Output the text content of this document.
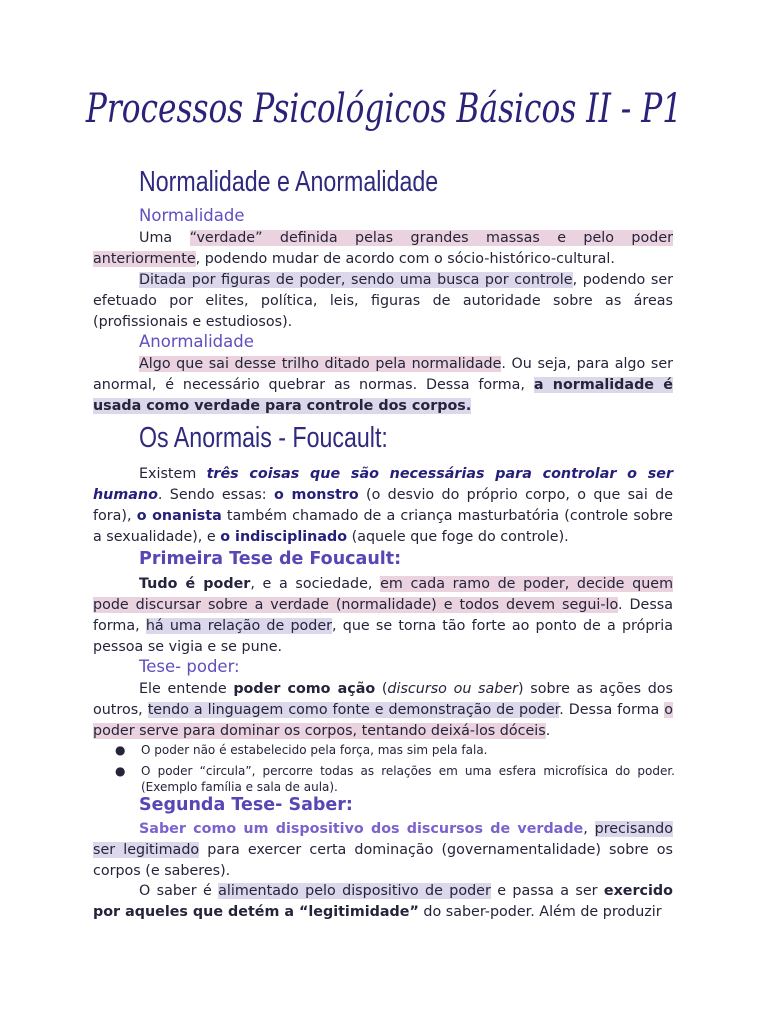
Processos Psicológicos Básicos II - P1
Normalidade e Anormalidade
Normalidade
Uma “verdade” definida pelas grandes massas e pelo poder anteriormente, podendo mudar de acordo com o sócio-histórico-cultural.
Ditada por figuras de poder, sendo uma busca por controle, podendo ser efetuado por elites, política, leis, figuras de autoridade sobre as áreas (profissionais e estudiosos).
Anormalidade
Algo que sai desse trilho ditado pela normalidade. Ou seja, para algo ser anormal, é necessário quebrar as normas. Dessa forma, a normalidade é usada como verdade para controle dos corpos.
Os Anormais - Foucault:
Existem três coisas que são necessárias para controlar o ser humano. Sendo essas: o monstro (o desvio do próprio corpo, o que sai de fora), o onanista também chamado de a criança masturbatória (controle sobre a sexualidade), e o indisciplinado (aquele que foge do controle).
Primeira Tese de Foucault:
Tudo é poder, e a sociedade, em cada ramo de poder, decide quem pode discursar sobre a verdade (normalidade) e todos devem segui-lo. Dessa forma, há uma relação de poder, que se torna tão forte ao ponto de a própria pessoa se vigia e se pune.
Tese- poder:
Ele entende poder como ação (discurso ou saber) sobre as ações dos outros, tendo a linguagem como fonte e demonstração de poder. Dessa forma o poder serve para dominar os corpos, tentando deixá-los dóceis.
● O poder não é estabelecido pela força, mas sim pela fala.
● O poder “circula”, percorre todas as relações em uma esfera microfísica do poder. (Exemplo família e sala de aula).
Segunda Tese- Saber:
Saber como um dispositivo dos discursos de verdade, precisando ser legitimado para exercer certa dominação (governamentalidade) sobre os corpos (e saberes).
O saber é alimentado pelo dispositivo de poder e passa a ser exercido por aqueles que detém a “legitimidade” do saber-poder. Além de produzir
